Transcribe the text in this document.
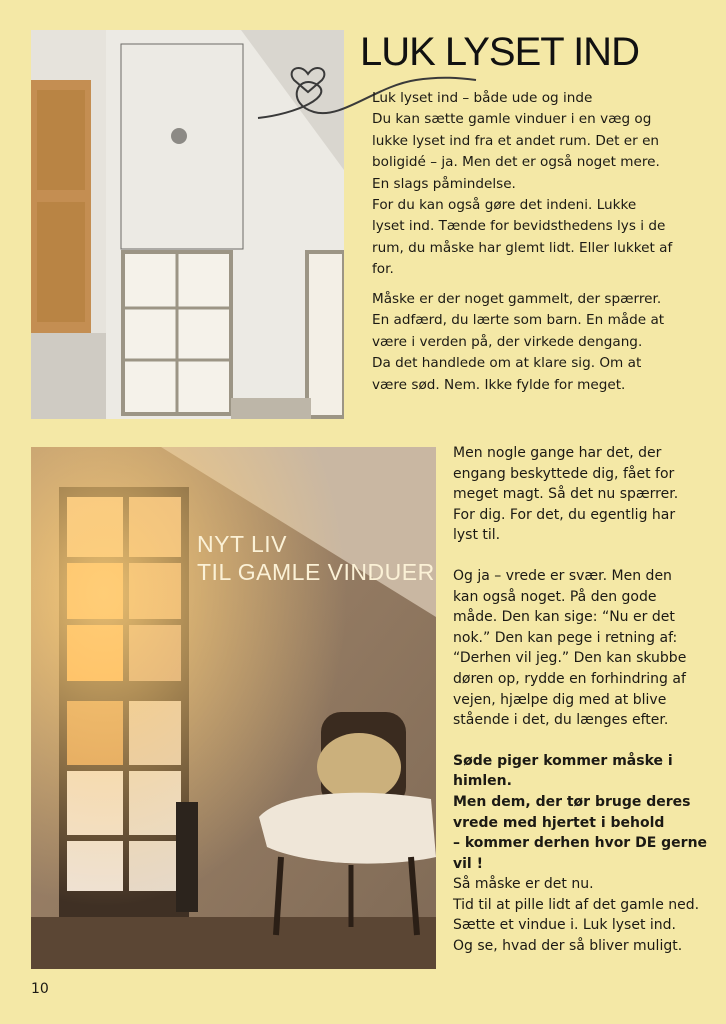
LUK LYSET IND

Luk lyset ind – både ude og inde

Du kan sætte gamle vinduer i en væg og

lukke lyset ind fra et andet rum. Det er en

boligidé – ja. Men det er også noget mere.

En slags påmindelse.

For du kan også gøre det indeni. Lukke

lyset ind. Tænde for bevidsthedens lys i de

rum, du måske har glemt lidt. Eller lukket af

for.

Måske er der noget gammelt, der spærrer.

En adfærd, du lærte som barn. En måde at

være i verden på, der virkede dengang.

Da det handlede om at klare sig. Om at

være sød. Nem. Ikke fylde for meget.

NYT LIV
TIL GAMLE VINDUER

Men nogle gange har det, der

engang beskyttede dig, fået for

meget magt. Så det nu spærrer.

For dig. For det, du egentlig har

lyst til.

Og ja – vrede er svær. Men den

kan også noget. På den gode

måde. Den kan sige: “Nu er det

nok.” Den kan pege i retning af:

“Derhen vil jeg.” Den kan skubbe

døren op, rydde en forhindring af

vejen, hjælpe dig med at blive

stående i det, du længes efter.

Søde piger kommer måske i

himlen.

Men dem, der tør bruge deres

vrede med hjertet i behold

– kommer derhen hvor DE gerne

vil !

Så måske er det nu.

Tid til at pille lidt af det gamle ned.

Sætte et vindue i. Luk lyset ind.

Og se, hvad der så bliver muligt.

10
